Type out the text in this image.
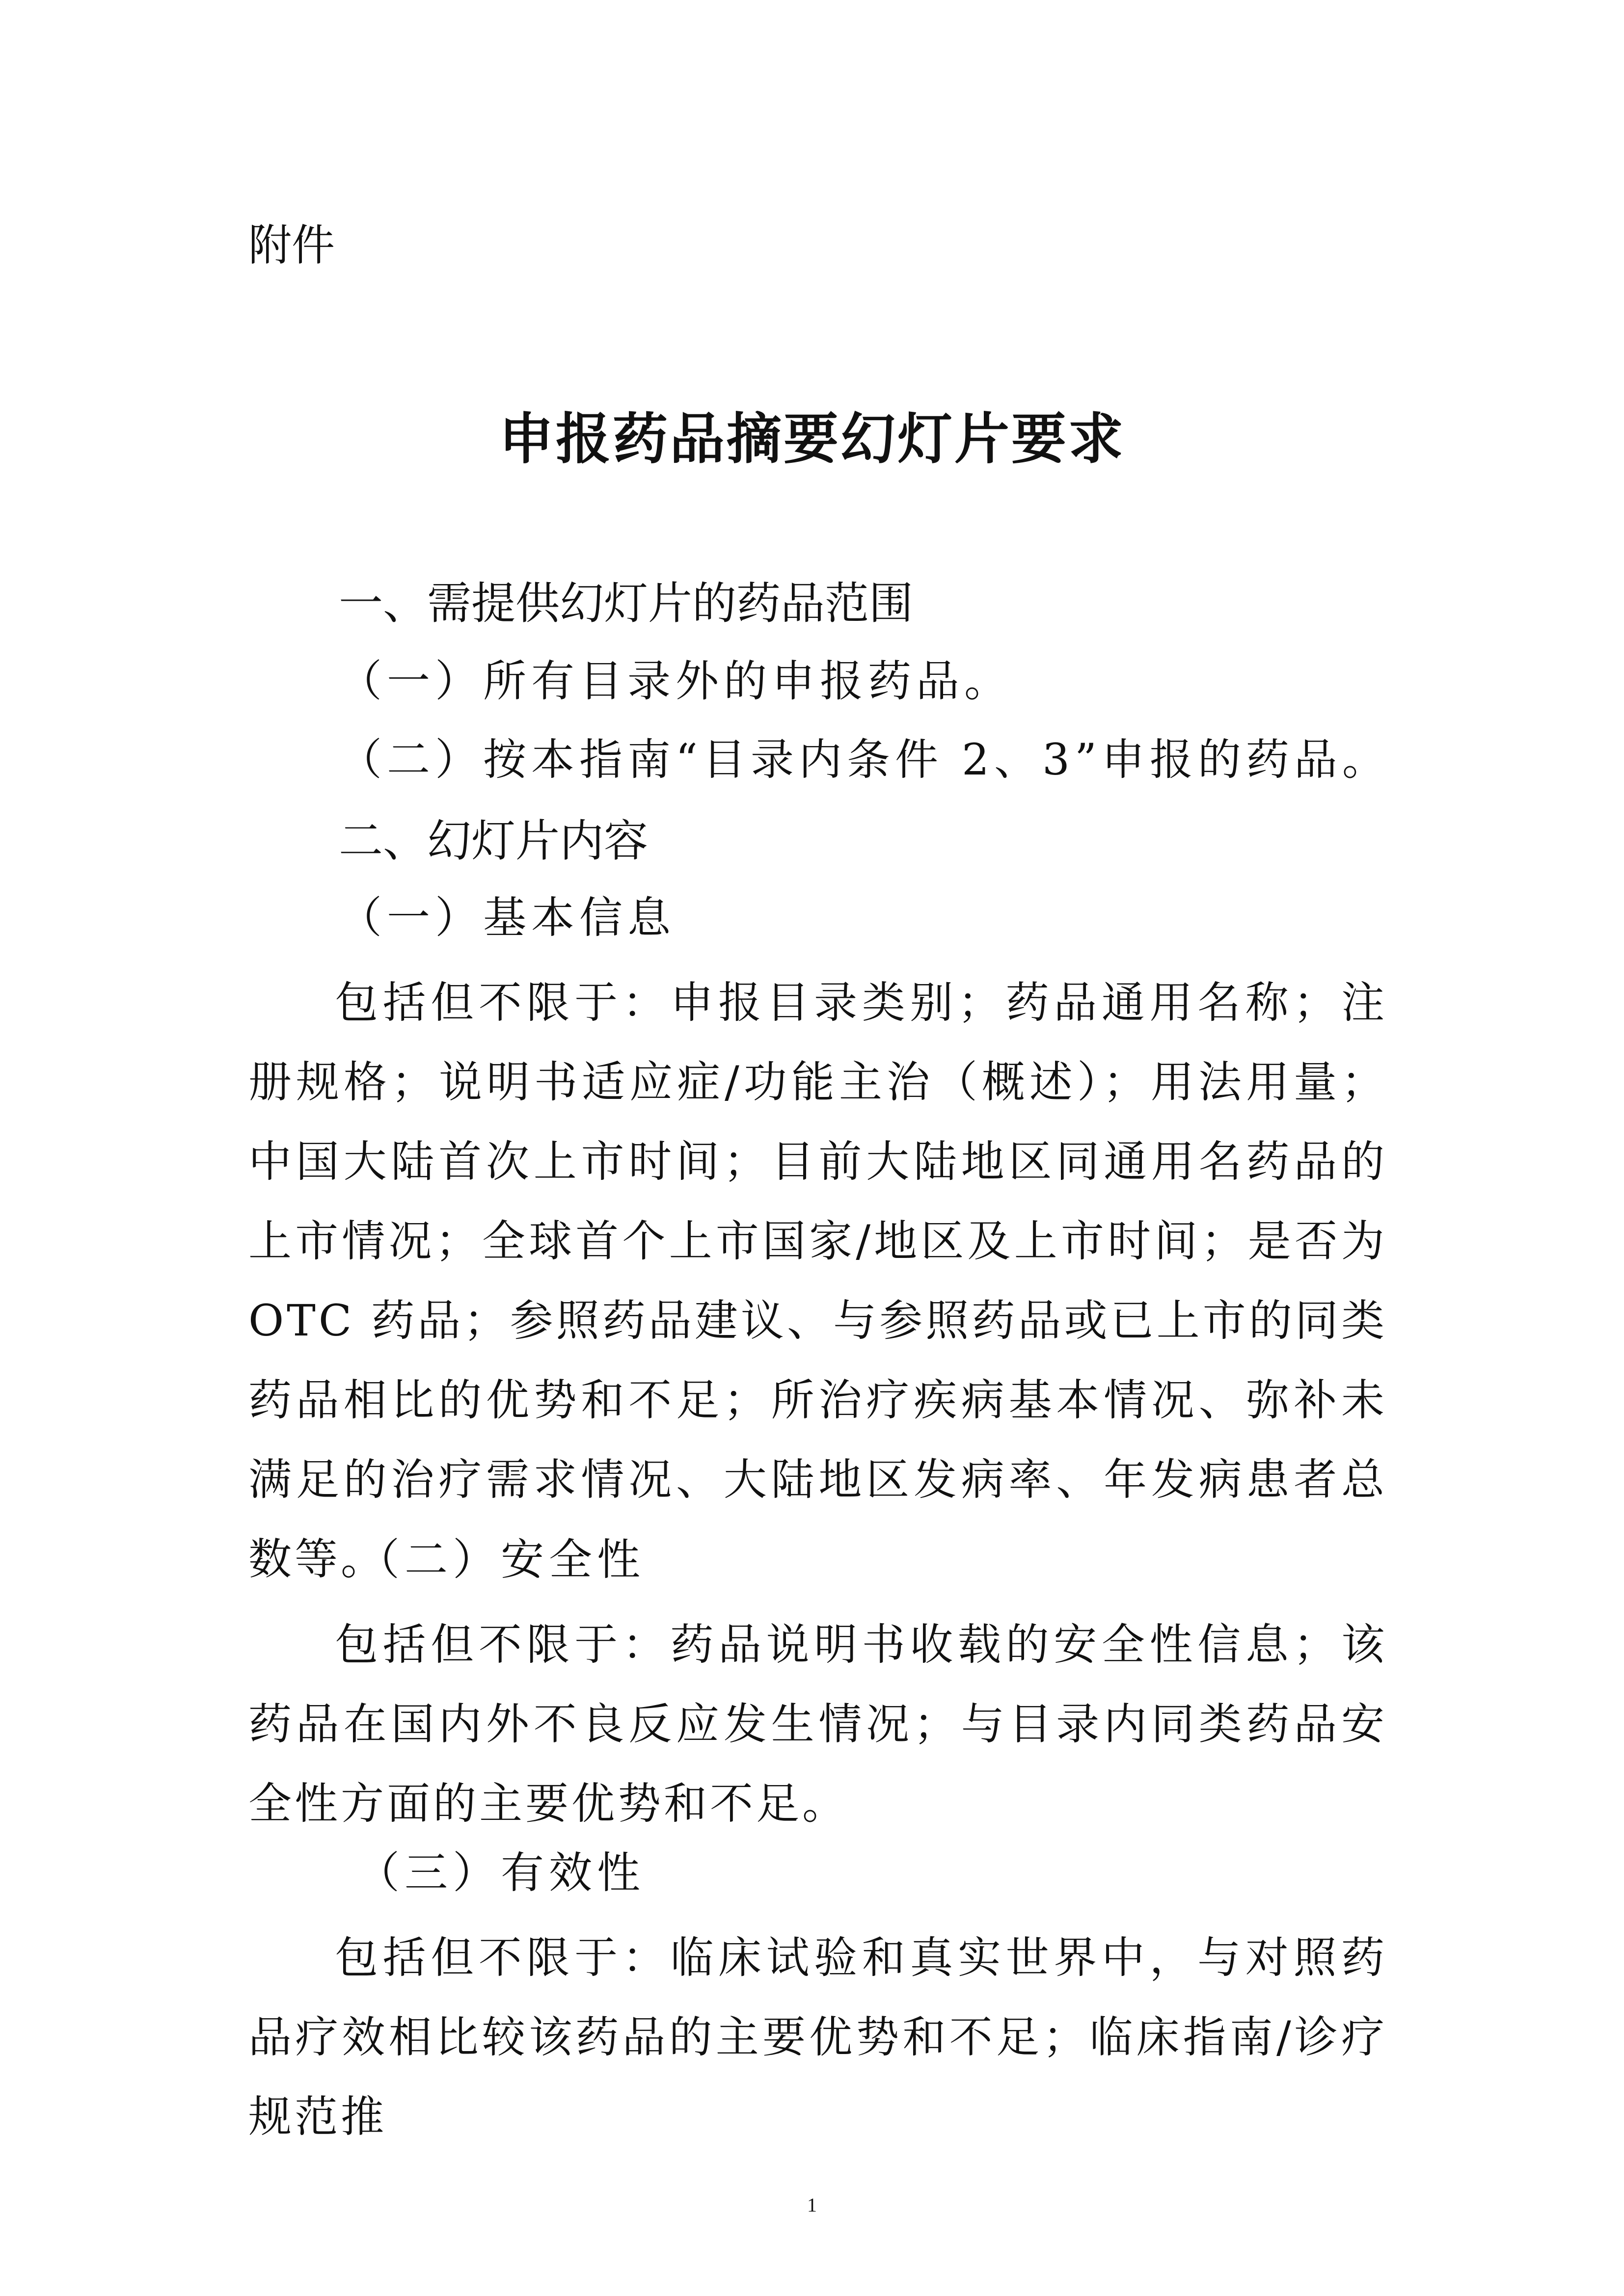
附件
申报药品摘要幻灯片要求
一、需提供幻灯片的药品范围
（一）所有目录外的申报药品。
（二）按本指南“目录内条件 2、3”申报的药品。
二、幻灯片内容
（一）基本信息

包括但不限于：申报目录类别；药品通用名称；注册规格；说明书适应症/功能主治（概述）；用法用量；中国大陆首次上市时间；目前大陆地区同通用名药品的上市情况；全球首个上市国家/地区及上市时间；是否为 OTC 药品；参照药品建议、与参照药品或已上市的同类药品相比的优势和不足；所治疗疾病基本情况、弥补未满足的治疗需求情况、大陆地区发病率、年发病患者总数等。

（二）安全性

包括但不限于：药品说明书收载的安全性信息；该药品在国内外不良反应发生情况；与目录内同类药品安全性方面的主要优势和不足。

（三）有效性

包括但不限于：临床试验和真实世界中，与对照药品疗效相比较该药品的主要优势和不足；临床指南/诊疗规范推

1
